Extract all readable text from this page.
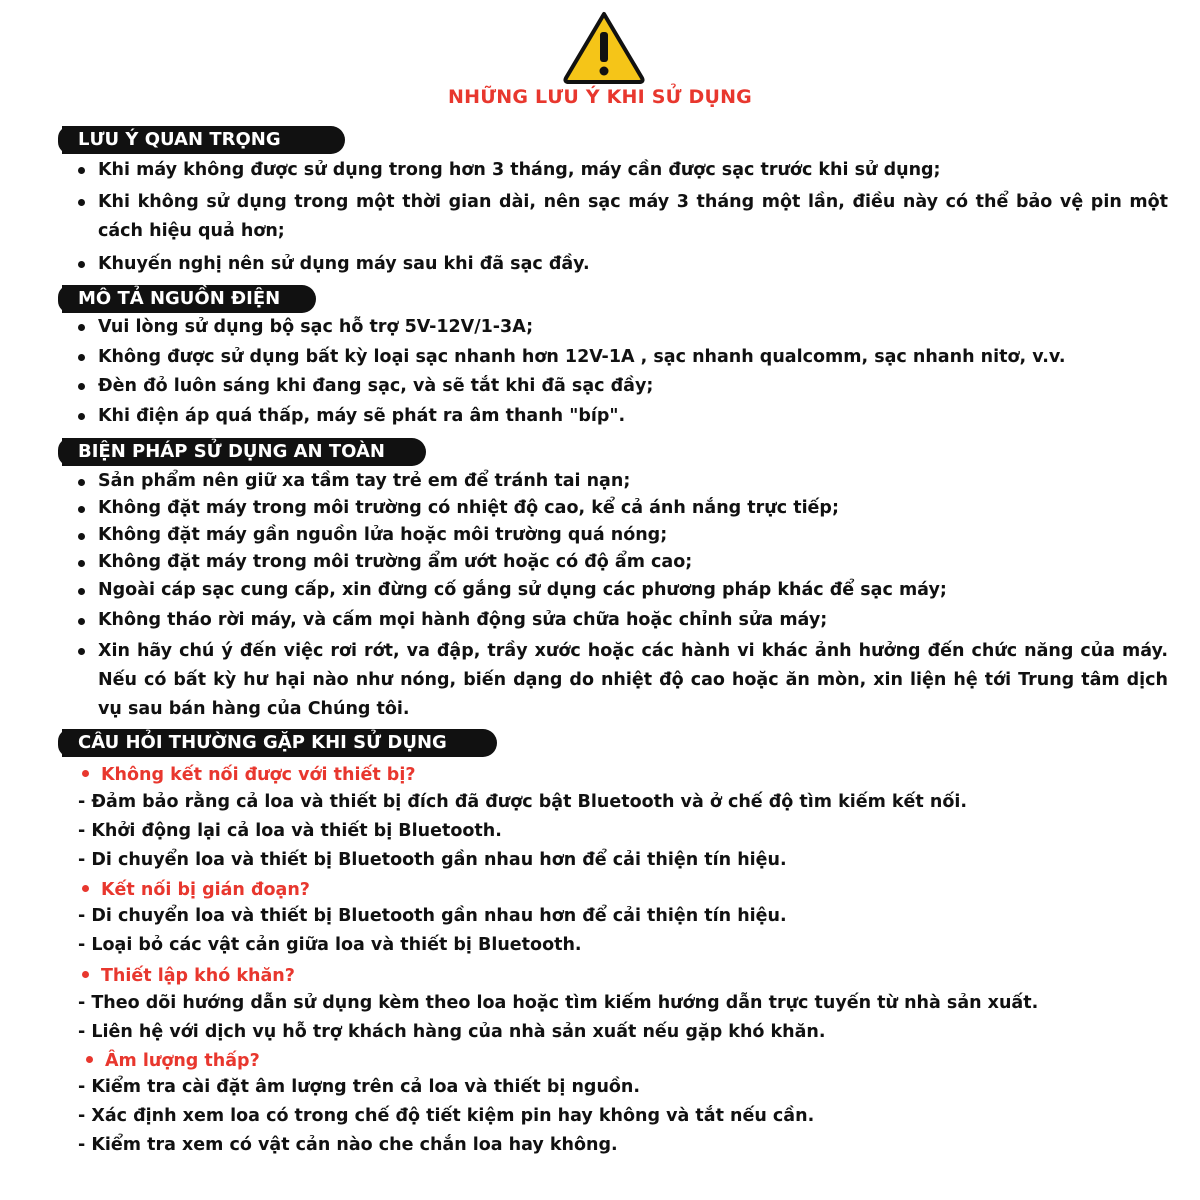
NHỮNG LƯU Ý KHI SỬ DỤNG
LƯU Ý QUAN TRỌNG
Khi máy không được sử dụng trong hơn 3 tháng, máy cần được sạc trước khi sử dụng;
Khi không sử dụng trong một thời gian dài, nên sạc máy 3 tháng một lần, điều này có thể bảo vệ pin một cách hiệu quả hơn;
Khuyến nghị nên sử dụng máy sau khi đã sạc đầy.
MÔ TẢ NGUỒN ĐIỆN
Vui lòng sử dụng bộ sạc hỗ trợ 5V-12V/1-3A;
Không được sử dụng bất kỳ loại sạc nhanh hơn 12V-1A , sạc nhanh qualcomm, sạc nhanh nitơ, v.v.
Đèn đỏ luôn sáng khi đang sạc, và sẽ tắt khi đã sạc đầy;
Khi điện áp quá thấp, máy sẽ phát ra âm thanh "bíp".
BIỆN PHÁP SỬ DỤNG AN TOÀN
Sản phẩm nên giữ xa tầm tay trẻ em để tránh tai nạn;
Không đặt máy trong môi trường có nhiệt độ cao, kể cả ánh nắng trực tiếp;
Không đặt máy gần nguồn lửa hoặc môi trường quá nóng;
Không đặt máy trong môi trường ẩm ướt hoặc có độ ẩm cao;
Ngoài cáp sạc cung cấp, xin đừng cố gắng sử dụng các phương pháp khác để sạc máy;
Không tháo rời máy, và cấm mọi hành động sửa chữa hoặc chỉnh sửa máy;
Xin hãy chú ý đến việc rơi rớt, va đập, trầy xước hoặc các hành vi khác ảnh hưởng đến chức năng của máy. Nếu có bất kỳ hư hại nào như nóng, biến dạng do nhiệt độ cao hoặc ăn mòn, xin liện hệ tới Trung tâm dịch vụ sau bán hàng của Chúng tôi.
CÂU HỎI THƯỜNG GẶP KHI SỬ DỤNG
Không kết nối được với thiết bị?
- Đảm bảo rằng cả loa và thiết bị đích đã được bật Bluetooth và ở chế độ tìm kiếm kết nối.
- Khởi động lại cả loa và thiết bị Bluetooth.
- Di chuyển loa và thiết bị Bluetooth gần nhau hơn để cải thiện tín hiệu.
Kết nối bị gián đoạn?
- Di chuyển loa và thiết bị Bluetooth gần nhau hơn để cải thiện tín hiệu.
- Loại bỏ các vật cản giữa loa và thiết bị Bluetooth.
Thiết lập khó khăn?
- Theo dõi hướng dẫn sử dụng kèm theo loa hoặc tìm kiếm hướng dẫn trực tuyến từ nhà sản xuất.
- Liên hệ với dịch vụ hỗ trợ khách hàng của nhà sản xuất nếu gặp khó khăn.
Âm lượng thấp?
- Kiểm tra cài đặt âm lượng trên cả loa và thiết bị nguồn.
- Xác định xem loa có trong chế độ tiết kiệm pin hay không và tắt nếu cần.
- Kiểm tra xem có vật cản nào che chắn loa hay không.
